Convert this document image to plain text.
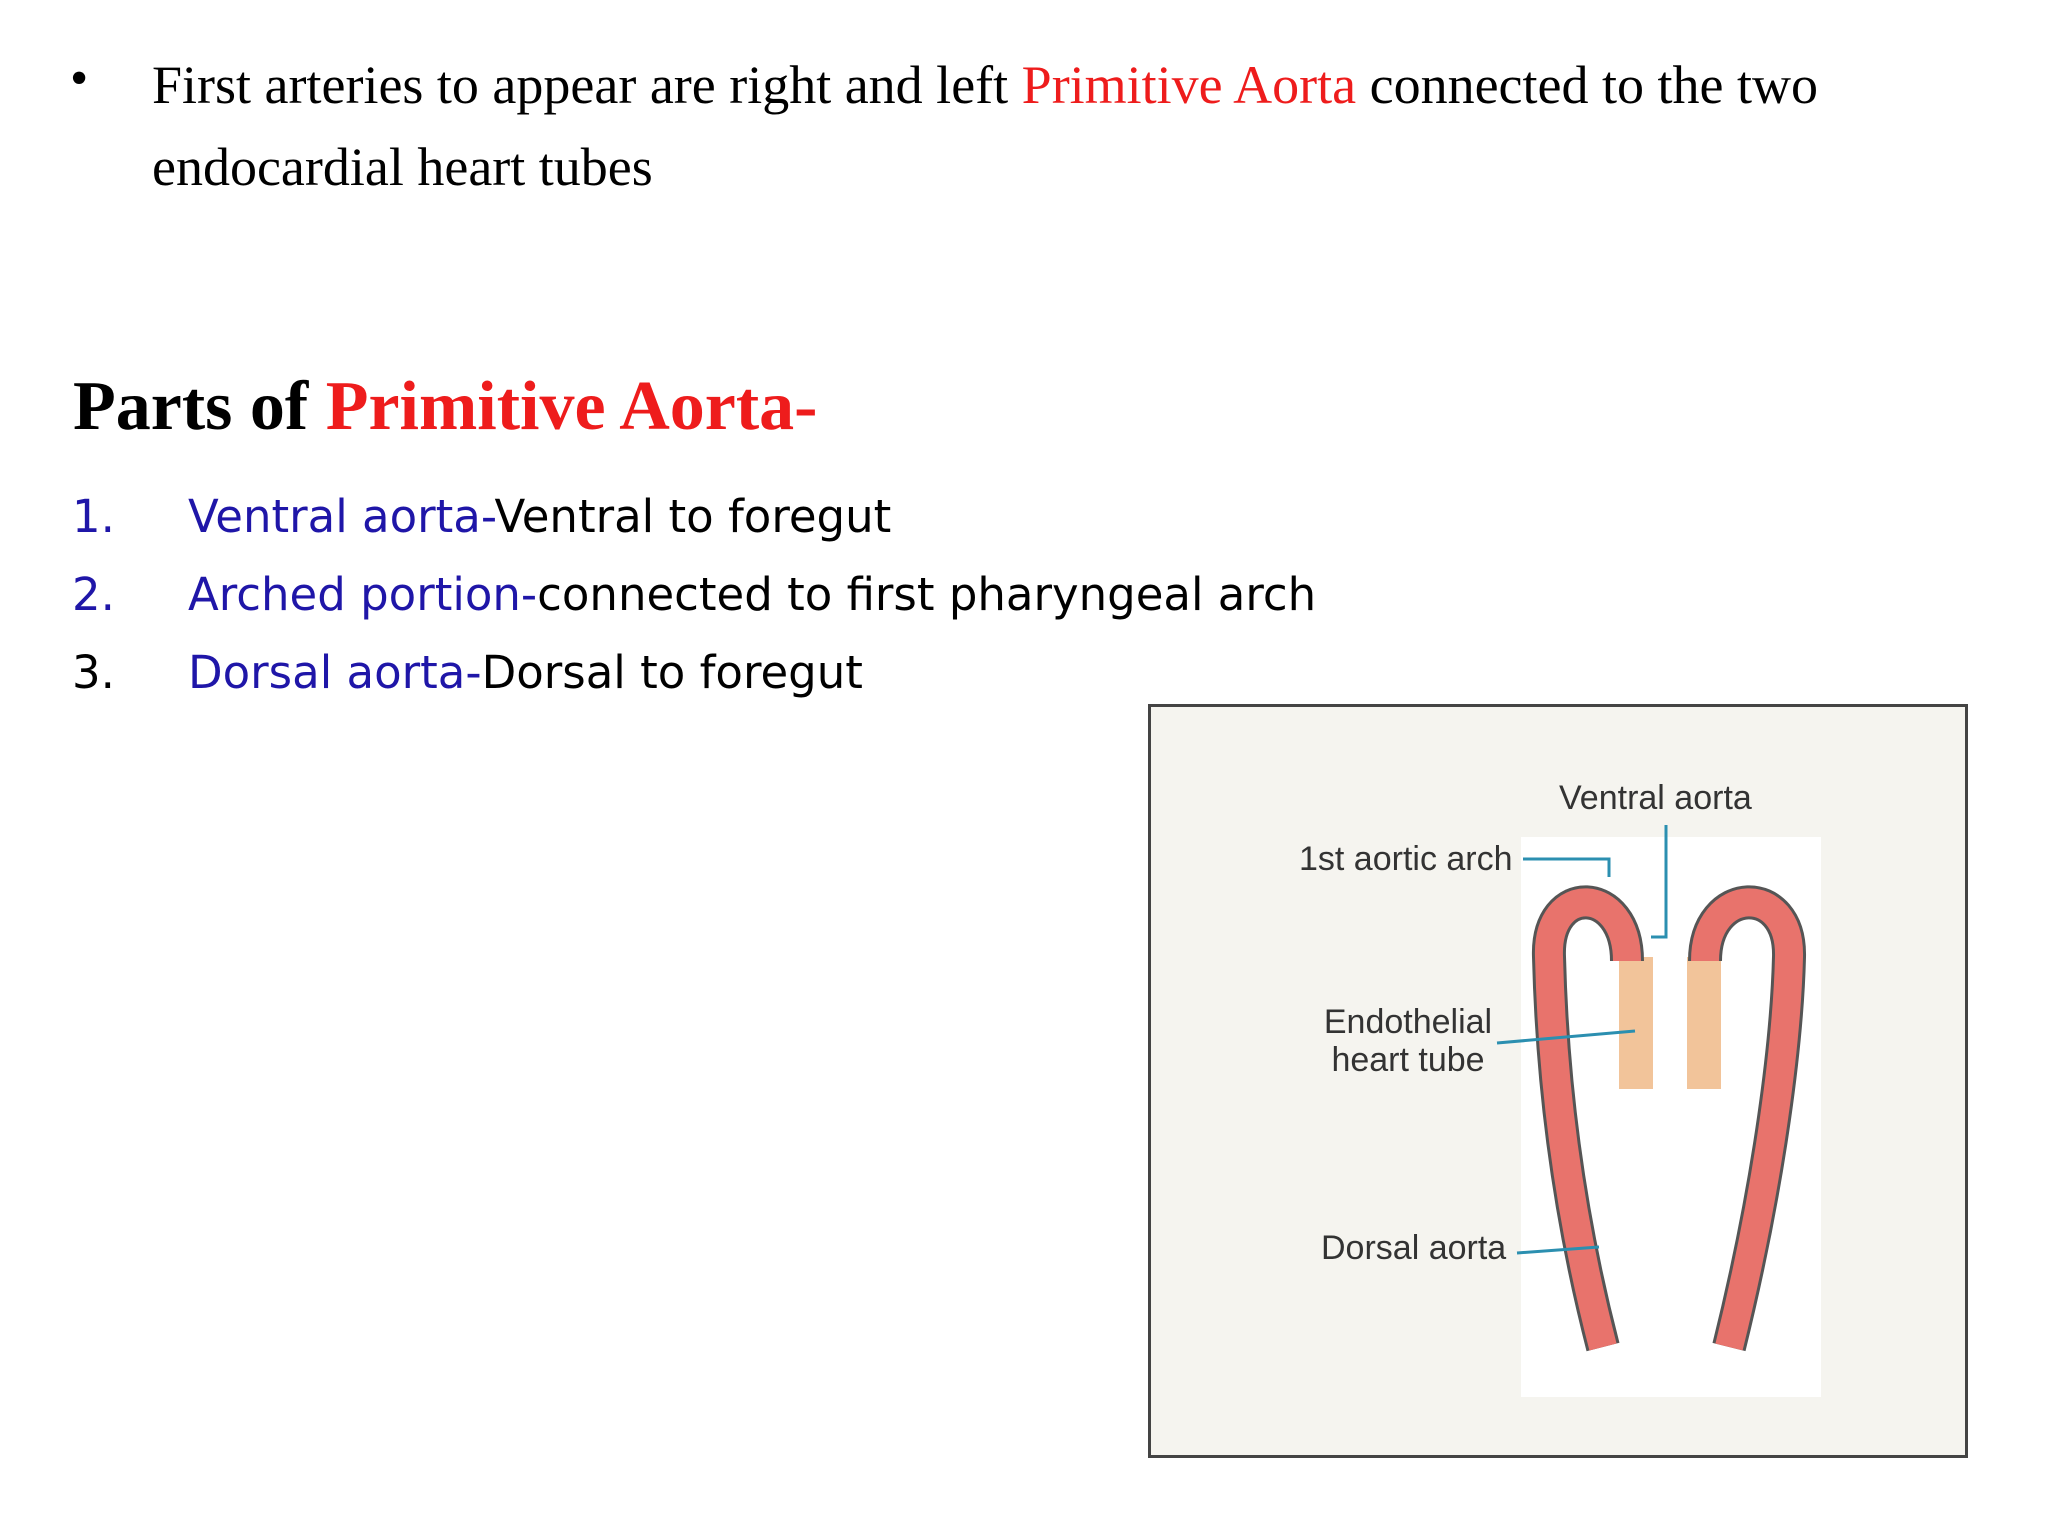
•	First arteries to appear are right and left Primitive Aorta connected to the two endocardial heart tubes
Parts of Primitive Aorta-
1.	Ventral aorta-Ventral to foregut
2.	Arched portion-connected to first pharyngeal arch
3.	Dorsal aorta-Dorsal to foregut
Ventral aorta
1st aortic arch
Endothelial heart tube
Dorsal aorta
